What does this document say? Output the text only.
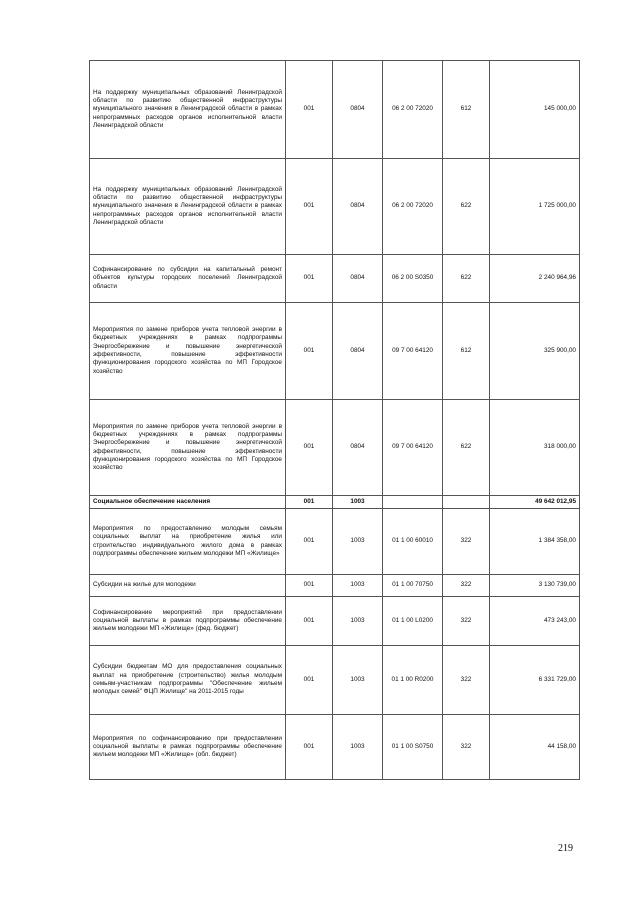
На поддержку муниципальных образований Ленинградской области по развитию общественной инфраструктуры муниципального значения в Ленинградской области в рамках непрограммных расходов органов исполнительной власти Ленинградской области	001	0804	06 2 00 72020	612	145 000,00
На поддержку муниципальных образований Ленинградской области по развитию общественной инфраструктуры муниципального значения в Ленинградской области в рамках непрограммных расходов органов исполнительной власти Ленинградской области	001	0804	06 2 00 72020	622	1 725 000,00
Софинансирование по субсидии на капитальный ремонт объектов культуры городских поселений Ленинградской области	001	0804	06 2 00 S0350	622	2 240 964,96
Мероприятия по замене приборов учета тепловой энергии в бюджетных учреждениях в рамках подпрограммы Энергосбережение и повышение энергетической эффективности, повышение эффективности функционирования городского хозяйства по МП Городское хозяйство	001	0804	09 7 00 64120	612	325 900,00
Мероприятия по замене приборов учета тепловой энергии в бюджетных учреждениях в рамках подпрограммы Энергосбережение и повышение энергетической эффективности, повышение эффективности функционирования городского хозяйства по МП Городское хозяйство	001	0804	09 7 00 64120	622	318 000,00
Социальное обеспечение населения	001	1003			49 642 012,95
Мероприятия по предоставлению молодым семьям социальных выплат на приобретение жилья или строительство индивидуального жилого дома в рамках подпрограммы обеспечение жильем молодежи МП «Жилище»	001	1003	01 1 00 60010	322	1 384 358,00
Субсидии на жилье для молодежи	001	1003	01 1 00 70750	322	3 130 739,00
Софинансирование мероприятий при предоставлении социальной выплаты в рамках подпрограммы обеспечение жильем молодежи МП «Жилище» (фед. бюджет)	001	1003	01 1 00 L0200	322	473 243,00
Субсидии бюджетам МО для предоставления социальных выплат на приобретение (строительство) жилья молодым семьям-участникам подпрограммы "Обеспечение жильем молодых семей" ФЦП Жилище" на 2011-2015 годы	001	1003	01 1 00 R0200	322	6 331 729,00
Мероприятия по софинансированию при предоставлении социальной выплаты в рамках подпрограммы обеспечение жильем молодежи МП «Жилище» (обл. бюджет)	001	1003	01 1 00 S0750	322	44 158,00
219
